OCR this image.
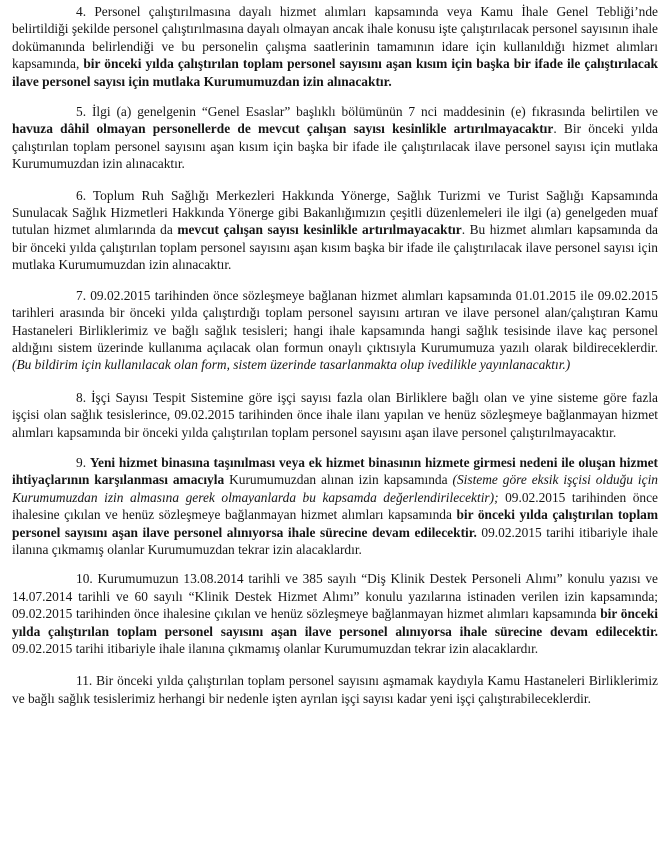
4. Personel çalıştırılmasına dayalı hizmet alımları kapsamında veya Kamu İhale Genel Tebliği’nde belirtildiği şekilde personel çalıştırılmasına dayalı olmayan ancak ihale konusu işte çalıştırılacak personel sayısının ihale dokümanında belirlendiği ve bu personelin çalışma saatlerinin tamamının idare için kullanıldığı hizmet alımları kapsamında, bir önceki yılda çalıştırılan toplam personel sayısını aşan kısım için başka bir ifade ile çalıştırılacak ilave personel sayısı için mutlaka Kurumumuzdan izin alınacaktır.

5. İlgi (a) genelgenin “Genel Esaslar” başlıklı bölümünün 7 nci maddesinin (e) fıkrasında belirtilen ve havuza dâhil olmayan personellerde de mevcut çalışan sayısı kesinlikle artırılmayacaktır. Bir önceki yılda çalıştırılan toplam personel sayısını aşan kısım için başka bir ifade ile çalıştırılacak ilave personel sayısı için mutlaka Kurumumuzdan izin alınacaktır.

6. Toplum Ruh Sağlığı Merkezleri Hakkında Yönerge, Sağlık Turizmi ve Turist Sağlığı Kapsamında Sunulacak Sağlık Hizmetleri Hakkında Yönerge gibi Bakanlığımızın çeşitli düzenlemeleri ile ilgi (a) genelgeden muaf tutulan hizmet alımlarında da mevcut çalışan sayısı kesinlikle artırılmayacaktır. Bu hizmet alımları kapsamında da bir önceki yılda çalıştırılan toplam personel sayısını aşan kısım başka bir ifade ile çalıştırılacak ilave personel sayısı için mutlaka Kurumumuzdan izin alınacaktır.

7. 09.02.2015 tarihinden önce sözleşmeye bağlanan hizmet alımları kapsamında 01.01.2015 ile 09.02.2015 tarihleri arasında bir önceki yılda çalıştırdığı toplam personel sayısını artıran ve ilave personel alan/çalıştıran Kamu Hastaneleri Birliklerimiz ve bağlı sağlık tesisleri; hangi ihale kapsamında hangi sağlık tesisinde ilave kaç personel aldığını sistem üzerinde kullanıma açılacak olan formun onaylı çıktısıyla Kurumumuza yazılı olarak bildireceklerdir. (Bu bildirim için kullanılacak olan form, sistem üzerinde tasarlanmakta olup ivedilikle yayınlanacaktır.)

8. İşçi Sayısı Tespit Sistemine göre işçi sayısı fazla olan Birliklere bağlı olan ve yine sisteme göre fazla işçisi olan sağlık tesislerince, 09.02.2015 tarihinden önce ihale ilanı yapılan ve henüz sözleşmeye bağlanmayan hizmet alımları kapsamında bir önceki yılda çalıştırılan toplam personel sayısını aşan ilave personel çalıştırılmayacaktır.

9. Yeni hizmet binasına taşınılması veya ek hizmet binasının hizmete girmesi nedeni ile oluşan hizmet ihtiyaçlarının karşılanması amacıyla Kurumumuzdan alınan izin kapsamında (Sisteme göre eksik işçisi olduğu için Kurumumuzdan izin almasına gerek olmayanlarda bu kapsamda değerlendirilecektir); 09.02.2015 tarihinden önce ihalesine çıkılan ve henüz sözleşmeye bağlanmayan hizmet alımları kapsamında bir önceki yılda çalıştırılan toplam personel sayısını aşan ilave personel alınıyorsa ihale sürecine devam edilecektir. 09.02.2015 tarihi itibariyle ihale ilanına çıkmamış olanlar Kurumumuzdan tekrar izin alacaklardır.

10. Kurumumuzun 13.08.2014 tarihli ve 385 sayılı “Diş Klinik Destek Personeli Alımı” konulu yazısı ve 14.07.2014 tarihli ve 60 sayılı “Klinik Destek Hizmet Alımı” konulu yazılarına istinaden verilen izin kapsamında; 09.02.2015 tarihinden önce ihalesine çıkılan ve henüz sözleşmeye bağlanmayan hizmet alımları kapsamında bir önceki yılda çalıştırılan toplam personel sayısını aşan ilave personel alınıyorsa ihale sürecine devam edilecektir. 09.02.2015 tarihi itibariyle ihale ilanına çıkmamış olanlar Kurumumuzdan tekrar izin alacaklardır.

11. Bir önceki yılda çalıştırılan toplam personel sayısını aşmamak kaydıyla Kamu Hastaneleri Birliklerimiz ve bağlı sağlık tesislerimiz herhangi bir nedenle işten ayrılan işçi sayısı kadar yeni işçi çalıştırabileceklerdir.
